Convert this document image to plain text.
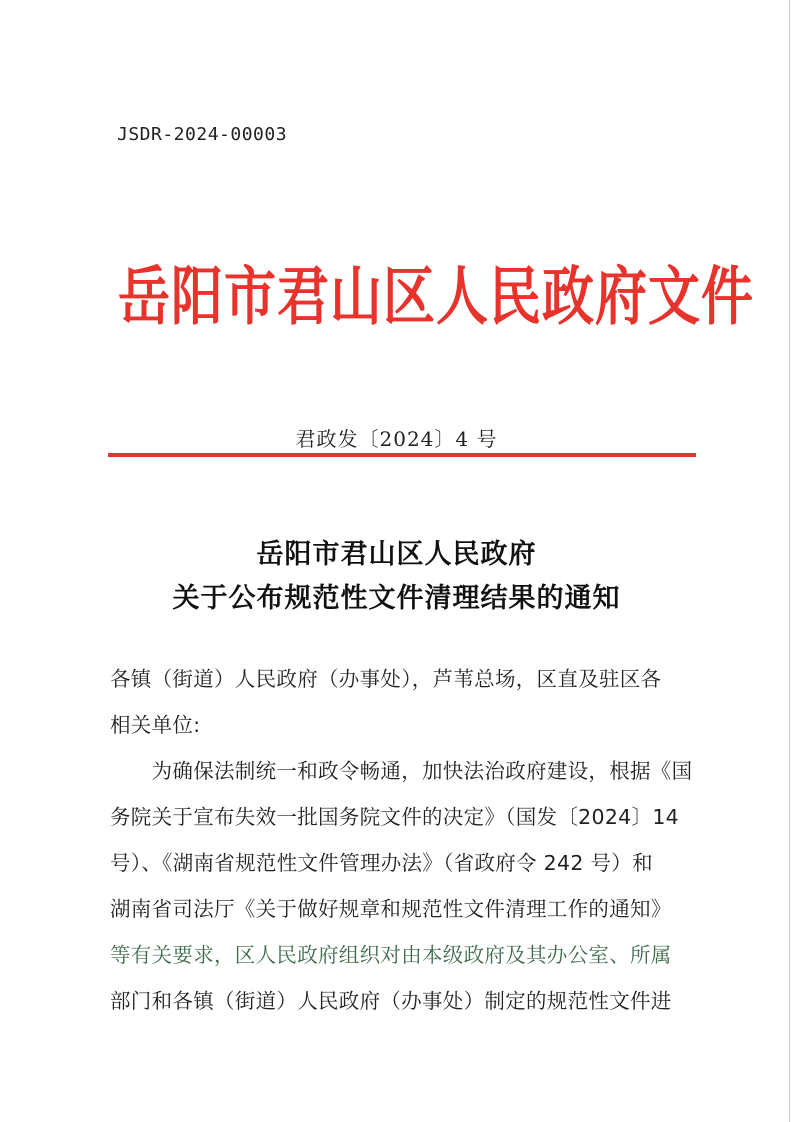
JSDR-2024-00003
岳阳市君山区人民政府文件
君政发〔2024〕4 号
岳阳市君山区人民政府
关于公布规范性文件清理结果的通知
各镇（街道）人民政府（办事处），芦苇总场，区直及驻区各
相关单位:
　　为确保法制统一和政令畅通，加快法治政府建设，根据《国
务院关于宣布失效一批国务院文件的决定》（国发〔2024〕14
号）、《湖南省规范性文件管理办法》（省政府令 242 号）和
湖南省司法厅《关于做好规章和规范性文件清理工作的通知》
等有关要求，区人民政府组织对由本级政府及其办公室、所属
部门和各镇（街道）人民政府（办事处）制定的规范性文件进
